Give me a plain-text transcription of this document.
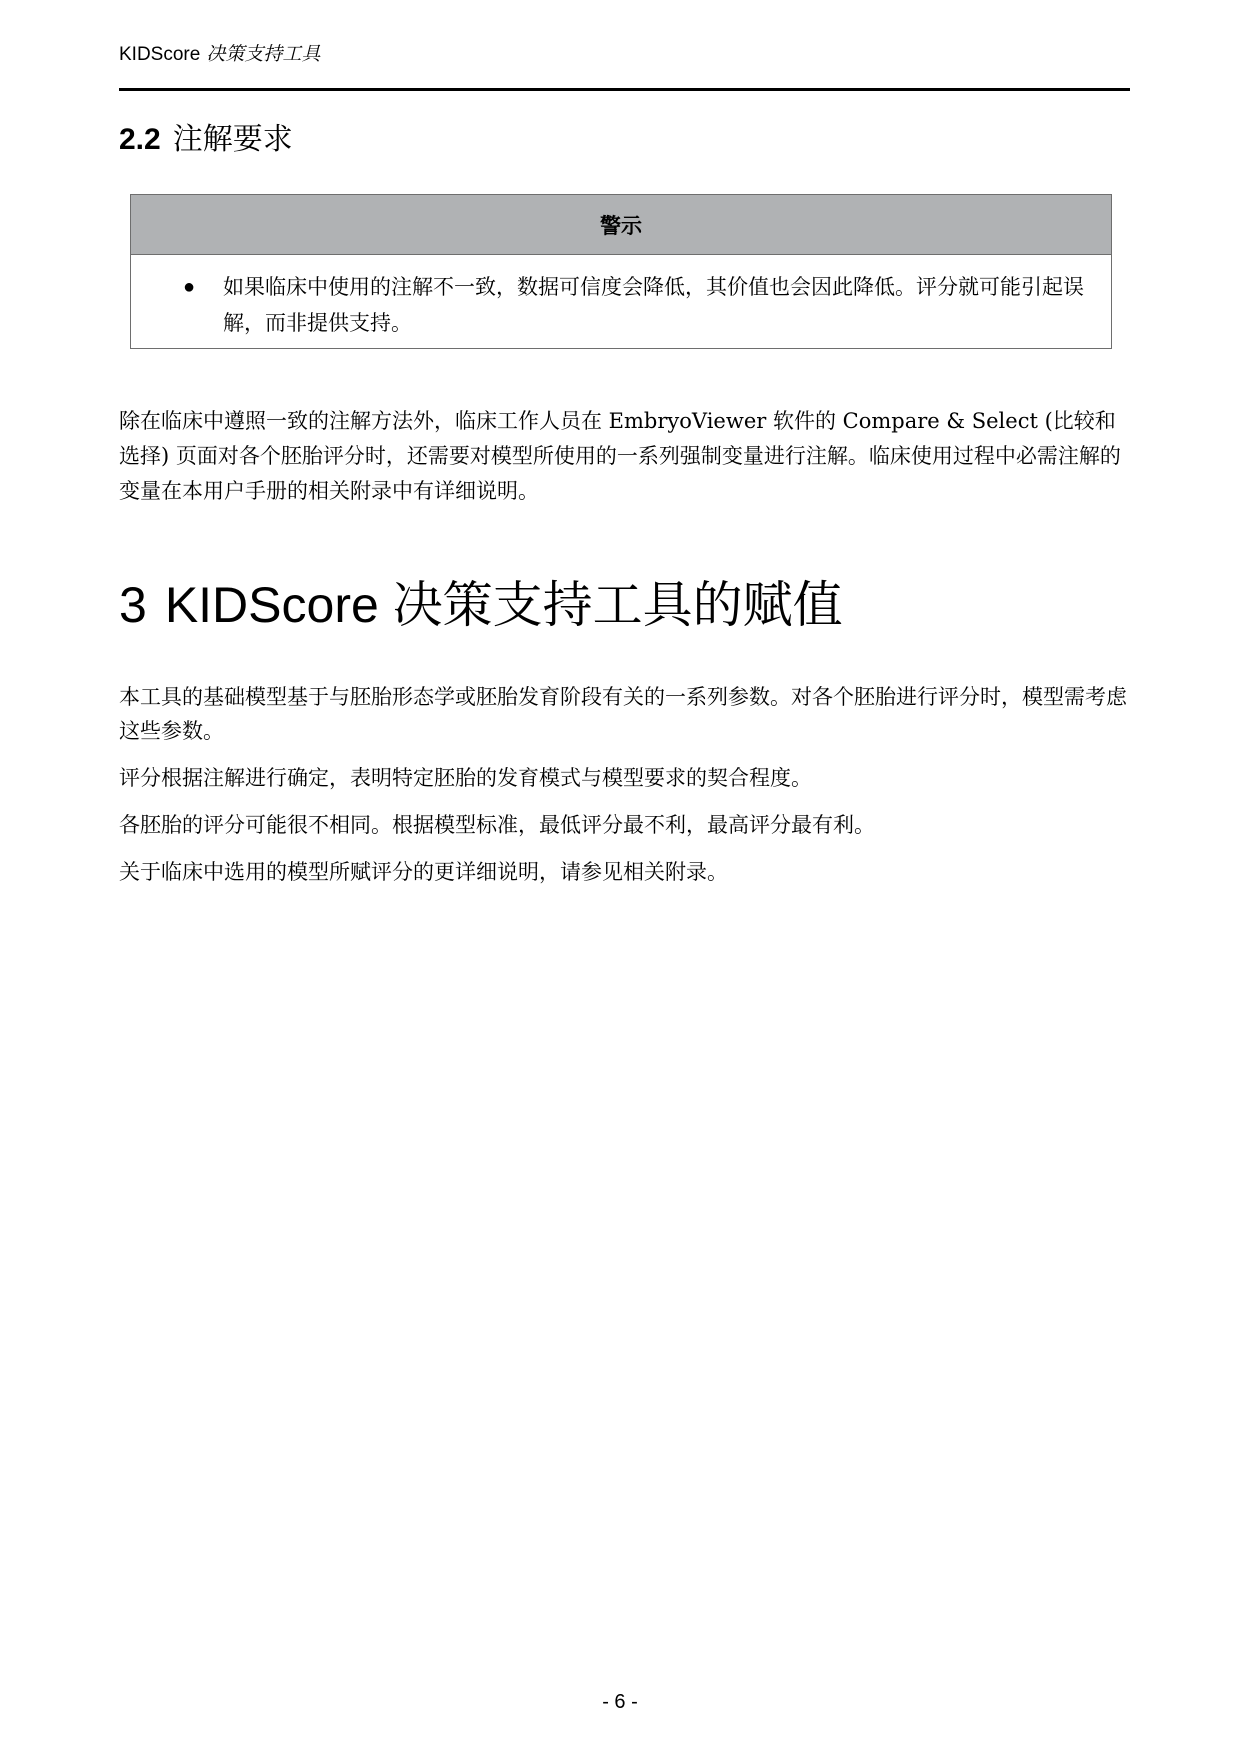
KIDScore 决策支持工具
2.2 注解要求
警示
● 如果临床中使用的注解不一致，数据可信度会降低，其价值也会因此降低。评分就可能引起误解，而非提供支持。

除在临床中遵照一致的注解方法外，临床工作人员在 EmbryoViewer 软件的 Compare & Select (比较和选择) 页面对各个胚胎评分时，还需要对模型所使用的一系列强制变量进行注解。临床使用过程中必需注解的变量在本用户手册的相关附录中有详细说明。

3 KIDScore 决策支持工具的赋值

本工具的基础模型基于与胚胎形态学或胚胎发育阶段有关的一系列参数。对各个胚胎进行评分时，模型需考虑这些参数。

评分根据注解进行确定，表明特定胚胎的发育模式与模型要求的契合程度。

各胚胎的评分可能很不相同。根据模型标准，最低评分最不利，最高评分最有利。

关于临床中选用的模型所赋评分的更详细说明，请参见相关附录。

- 6 -
